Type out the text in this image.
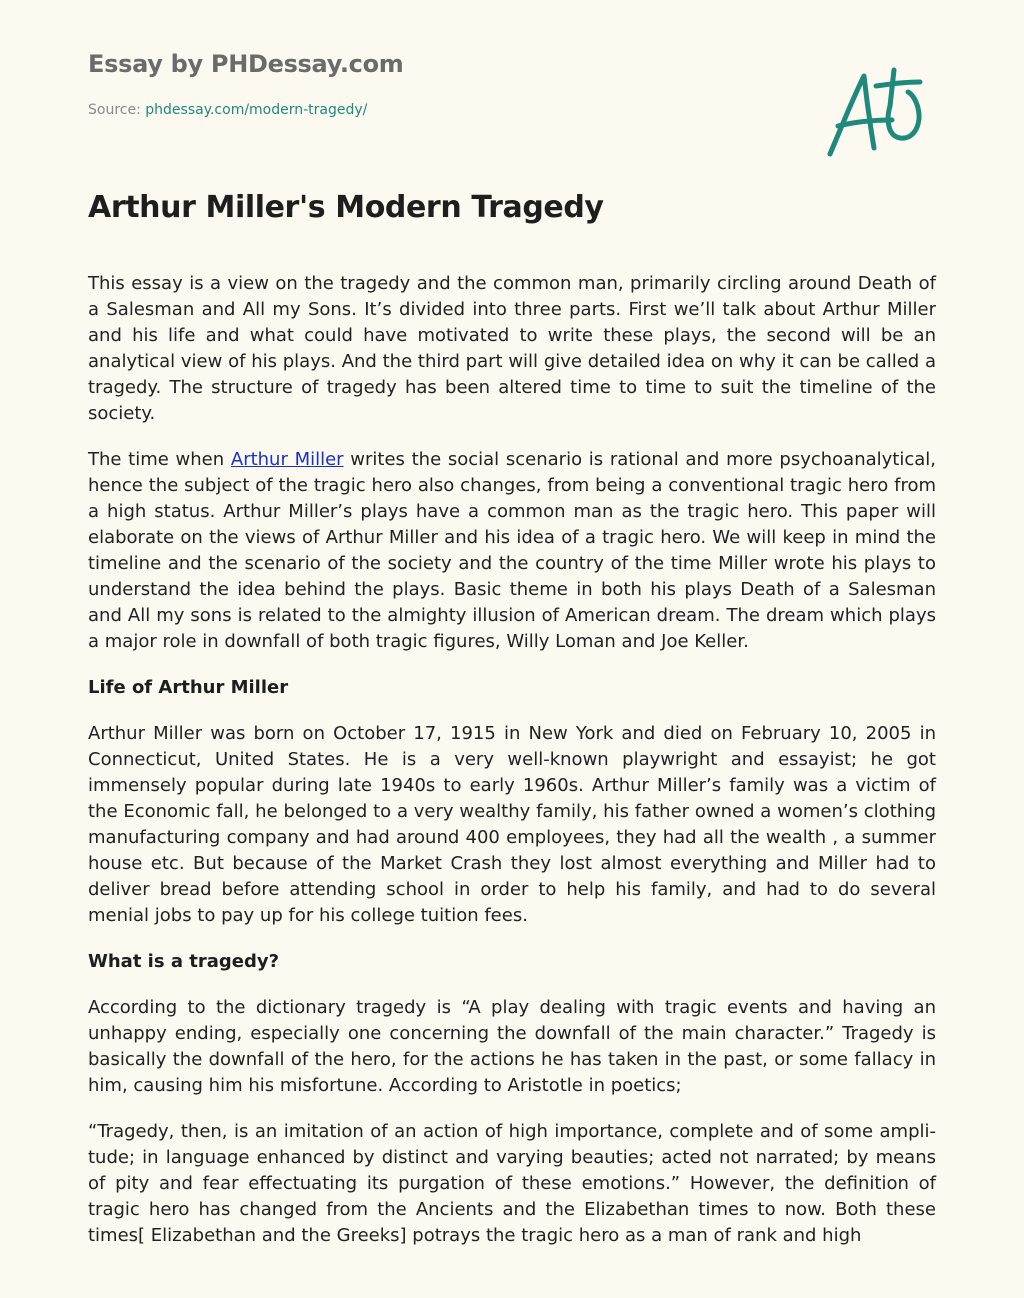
Essay by PHDessay.com
Source: phdessay.com/modern-tragedy/
Arthur Miller's Modern Tragedy

This essay is a view on the tragedy and the common man, primarily circling around Death of a Salesman and All my Sons. It’s divided into three parts. First we’ll talk about Arthur Miller and his life and what could have motivated to write these plays, the second will be an analytical view of his plays. And the third part will give detailed idea on why it can be called a tragedy. The structure of tragedy has been altered time to time to suit the timeline of the society.

The time when Arthur Miller writes the social scenario is rational and more psychoanalytical, hence the subject of the tragic hero also changes, from being a conventional tragic hero from a high status. Arthur Miller’s plays have a common man as the tragic hero. This paper will elaborate on the views of Arthur Miller and his idea of a tragic hero. We will keep in mind the timeline and the scenario of the society and the country of the time Miller wrote his plays to understand the idea behind the plays. Basic theme in both his plays Death of a Salesman and All my sons is related to the almighty illusion of American dream. The dream which plays a major role in downfall of both tragic figures, Willy Loman and Joe Keller.

Life of Arthur Miller

Arthur Miller was born on October 17, 1915 in New York and died on February 10, 2005 in Connecticut, United States. He is a very well-known playwright and essayist; he got immensely popular during late 1940s to early 1960s. Arthur Miller’s family was a victim of the Economic fall, he belonged to a very wealthy family, his father owned a women’s clothing manufacturing company and had around 400 employees, they had all the wealth , a summer house etc. But because of the Market Crash they lost almost everything and Miller had to deliver bread before attending school in order to help his family, and had to do several menial jobs to pay up for his college tuition fees.

What is a tragedy?

According to the dictionary tragedy is “A play dealing with tragic events and having an unhappy ending, especially one concerning the downfall of the main character.” Tragedy is basically the downfall of the hero, for the actions he has taken in the past, or some fallacy in him, causing him his misfortune. According to Aristotle in poetics;

“Tragedy, then, is an imitation of an action of high importance, complete and of some amplitude; in language enhanced by distinct and varying beauties; acted not narrated; by means of pity and fear effectuating its purgation of these emotions.” However, the definition of tragic hero has changed from the Ancients and the Elizabethan times to now. Both these times[ Elizabethan and the Greeks] potrays the tragic hero as a man of rank and high
